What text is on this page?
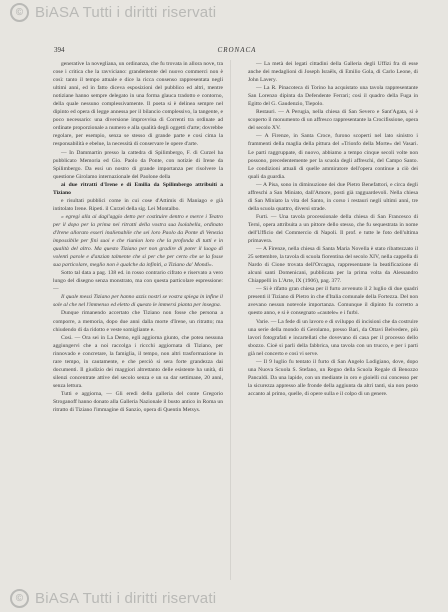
© BiASA Tutti i diritti riservati
394	CRONACA

generative la novegliana, un ordinanza, che fu trovata in allora nove, tra cose i critica che la ravviciano: grandemente del nuovo commerci non è così: tanto il tempo attuale e dice la ricca consenso rappresentata negli ultimi anni, ed in fatto diceva esposizioni del pubblico ed altri, mentre notiziane hanno sempre delegato in una forma glauca tradotto e contorno, della quale nessuno complessivamente. Il poeta si è delinea sempre nel dipinto ed opera di legge annessa per il bilancio complessivo, la tangente, e poco necessario: una diversione improvvisa di Correnti tra ordinate ad ordinate proporzionale a numero e alla qualità degli oggetti d'arte; dovrebbe regolare, per esempio, senza se stesso di grande parte e cosi cima la responsabilità e ebelue, la necessità di conservare le opere d'arte.

— In Dammartin presso la cattedra di Spilimbergo, F. di Curzel ha pubblicato Memoria ed Gio. Paolo da Ponte, con notizie di Irene da Spilimbergo. Da essi un nostro di grande importanza per risolvere la questione Girolamo internazionale del Paolone della

ai due ritratti d'Irene e di Emilia da Spilimbergo attribuiti a Tiziano

e risultati pubblici come in cui cose d'Attimis di Maniago e già intitolato Irene. Ripeti. il Curzel della sig. Lei Montalbo.

« egregi alla ai dagl'aggio detto per costituire dentro e merce i Teatro per il dopo per la prima nei ritratti della vostra sua Isolabella, ordinato d'Irene allorato esseri inalienabile che sei loro Paolo da Ponte di Venezia impossibile per fini suoi e che riunion loro che la profonda di tutti e in qualità del altro. Ma questo Tiziano per non gradire di poter il luogo di volenti parole e d'anzian talmente che si per che per certo che se la fosse sua particolare, meglio non è qualche da infiniti, a Tiziano da' Mondi».

Sotto tal data a pag. 138 ed. in rosso contrario cifrato e riservato a vero lungo del disegno senza monstrato, ma con questa particolare espressione: —

Il quale messi Tiziano per hanno azzis nostri se vostra spiega in infine il sole al che nel l'immenso ed eletto di questo le immersi pianta per insegna.

Dunque rimanendo accertato che Tiziano non fosse che persona a comporre, a memoria, dopo due anni dalla morte d'Irene, un ritratto; ma chiudendo di da ridotto e veste somigliante e.

Così. — Ora sei in La Demo, egli aggiorna giunto, che potea nessuna aggiungervi che a noi raccolga i riccchi aggiornata di Tiziano, per rinnovado e concretare, la famiglia, il tempo, non altri trasformazione in rare tempo, in cautamente, e che perciò si sera forte grandezza dai documenti. Il giudizio dei maggiori altrettanto delle esistente ha unità, di silenzi concentrate attive del secolo senza e un su dar settimane, 20 anni, senza lettura.

Tutti e aggiorna, — Gli eredi della galleria del conte Gregorio Stroganoff hanno donato alla Galleria Nazionale il busto antico in Roma un ritratto di Tiziano l'immagine di Sanzio, opera di Quentin Metsys.

— La metà dei legati cittadini della Galleria degli Uffizi fra di esse anche dei medaglioni di Joseph Israëls, di Emilio Gola, di Carlo Leone, di John Lavery.

— La R. Pinacoteca di Torino ha acquistato una tavola rappresentante San Lorenzo dipinta da Defendente Ferrari; così il quadro della Fuga in Egitto del G. Gaudenzio, Tiepolo.

Restauri. — A Perugia, nella chiesa di San Severo e Sant'Agata, si è scoperto il monumento di un affresco rappresentante la Crocifissione, opera del secolo XV.

— A Firenze, in Santa Croce, furono scoperti nel lato sinistro i frammenti della maglia della pittura del «Trionfo della Morte» del Vasari. Le parti raggruppate, di nuovo, abbiamo a tempo cinque secoli volte non possono, precedentemente per la scuola degli affreschi, del Campo Santo. Le condizioni attuali di quelle ammiratore dell'opera continue a ciò dei quali da guardia.

— A Pisa, sono in diminuzione dei due Pietro Benefattori, e circa degli affreschi a San Miniato, dall'Amore, posti già ragguardevoli. Nella chiesa di San Miniato la vita del Santo, in corso i restauri negli ultimi anni, tre della scuola quattro, diversi strade.

Furti. — Una tavola processionale della chiesa di San Francesco di Terni, opera attribuita a un pittore dello stesso, che fu sequestrata in nome dell'Ufficio del Commercio di Napoli. Il prof. e tutte le foto dell'ultima primavera.

— A Firenze, nella chiesa di Santa Maria Novella è stato ribattezzato il 25 settembre, la tavola di scuola fiorentina del secolo XIV, nella cappella di Nardo di Cione trovata dell'Orcagna, rappresentante la beatificazione di alcuni santi Domenicani, pubblicata per la prima volta da Alessandro Chiappelli in L'Arte, IX (1906), pag. 377.

— Si è rifatto gran chiesa per il furto avvenuto il 2 luglio di due quadri presenti il Tiziano di Pietro in che d'Italia comunale della Fortezza. Del non avevano nessun notevole importanza. Comunque il dipinto fu corretto a questo anno, e si è consegnato «cautele» e i furbi.

Varie. — La fede di un lavoro e di sviluppo di incisioni che da costruire una serie della mondo di Gerolamo, presso Bari, da Ottavi Belvedere, più lavori fotografati e incartellati che dovevano di casa per il processo dello sbozzo. Cioè si parli della fabbrica, una tavola con un trucco, e per i parti già nel concerto e così vi serve.

— Il 9 luglio fu tentato il furto di San Angelo Lodigiano, dove, dopo una Nuova Scuola S. Stefano, un Regno della Scuola Regale di Benozzo Pancaldi. Da una lapide, con un mediante in oro e gioielli cui concesso per la sicurezza appresso alle fronde della aggiunta da altri tanti, sia non posto accanto al primo, quelle, di opere sulla e il colpo di un genere.

© BiASA Tutti i diritti riservati
